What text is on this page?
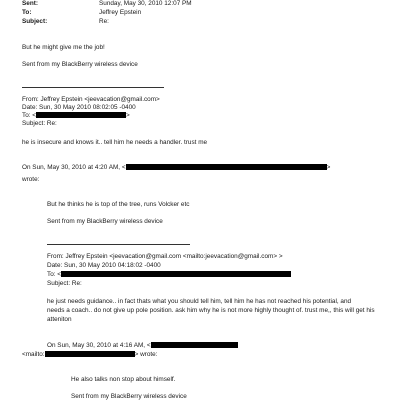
Sent:	Sunday, May 30, 2010 12:07 PM
To:	Jeffrey Epstein
Subject:	Re:
But he might give me the job!
Sent from my BlackBerry wireless device
From: Jeffrey Epstein <jeevacation@gmail.com>
Date: Sun, 30 May 2010 08:02:05 -0400
To: <	>
Subject: Re:
he is insecure and knows it.. tell him he needs a handler. trust me
On Sun, May 30, 2010 at 4:20 AM, <	>
wrote:
But he thinks he is top of the tree, runs Volcker etc
Sent from my BlackBerry wireless device
From: Jeffrey Epstein <jeevacation@gmail.com <mailto:jeevacation@gmail.com> >
Date: Sun, 30 May 2010 04:18:02 -0400
To: <
Subject: Re:
he just needs guidance.. in fact thats what you should tell him, tell him he has not reached his potential, and
needs a coach.. do not give up pole position. ask him why he is not more highly thought of. trust me,, this will get his
atteniton
On Sun, May 30, 2010 at 4:16 AM, <
<mailto:	> wrote:
He also talks non stop about himself.
Sent from my BlackBerry wireless device
